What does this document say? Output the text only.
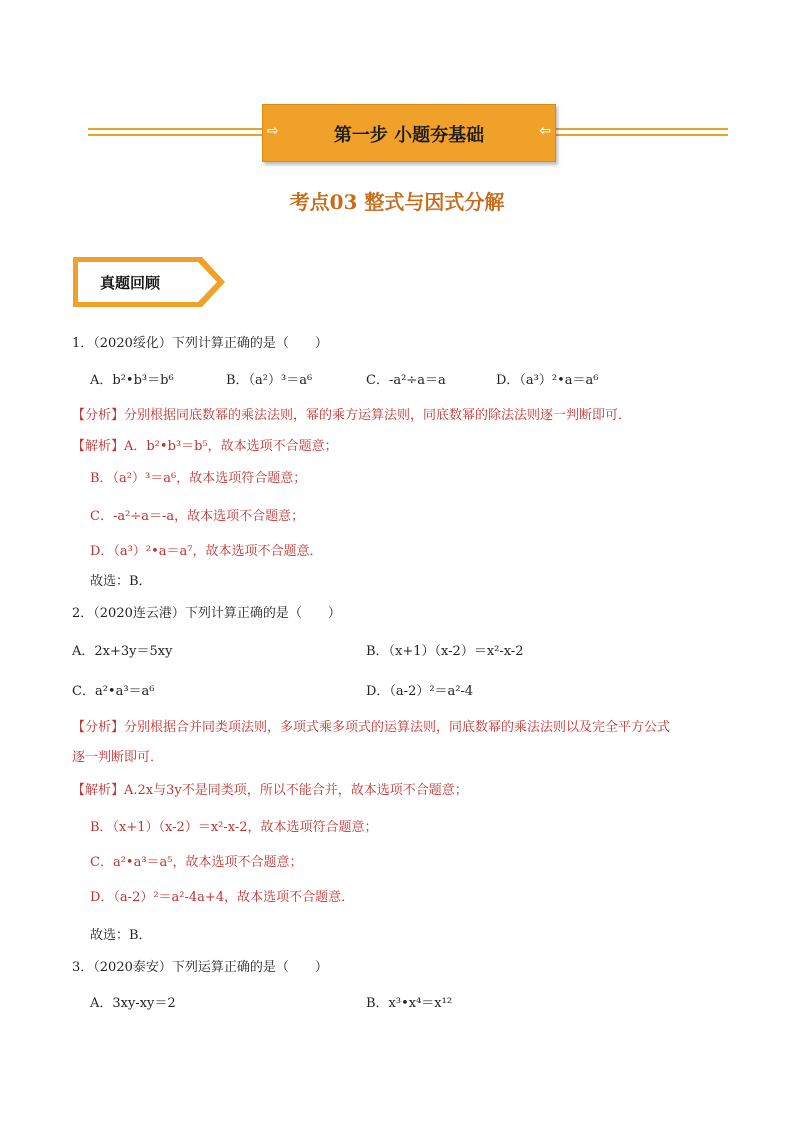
⇨	第一步 小题夯基础	⇦
考点03 整式与因式分解
真题回顾
1．（2020绥化）下列计算正确的是（　　）
A．b²•b³＝b⁶	B．（a²）³＝a⁶	C．-a²÷a＝a	D．（a³）²•a＝a⁶
【分析】分别根据同底数幂的乘法法则，幂的乘方运算法则，同底数幂的除法法则逐一判断即可．
【解析】A．b²•b³＝b⁵，故本选项不合题意；
B．（a²）³＝a⁶，故本选项符合题意；
C．-a²÷a＝-a，故本选项不合题意；
D．（a³）²•a＝a⁷，故本选项不合题意．
故选：B．
2．（2020连云港）下列计算正确的是（　　）
A．2x+3y＝5xy	B．（x+1）（x-2）＝x²-x-2
C．a²•a³＝a⁶	D．（a-2）²＝a²-4
【分析】分别根据合并同类项法则，多项式乘多项式的运算法则，同底数幂的乘法法则以及完全平方公式
逐一判断即可．
【解析】A.2x与3y不是同类项，所以不能合并，故本选项不合题意；
B．（x+1）（x-2）＝x²-x-2，故本选项符合题意；
C．a²•a³＝a⁵，故本选项不合题意；
D．（a-2）²＝a²-4a+4，故本选项不合题意．
故选：B．
3．（2020泰安）下列运算正确的是（　　）
A．3xy-xy＝2	B．x³•x⁴＝x¹²
